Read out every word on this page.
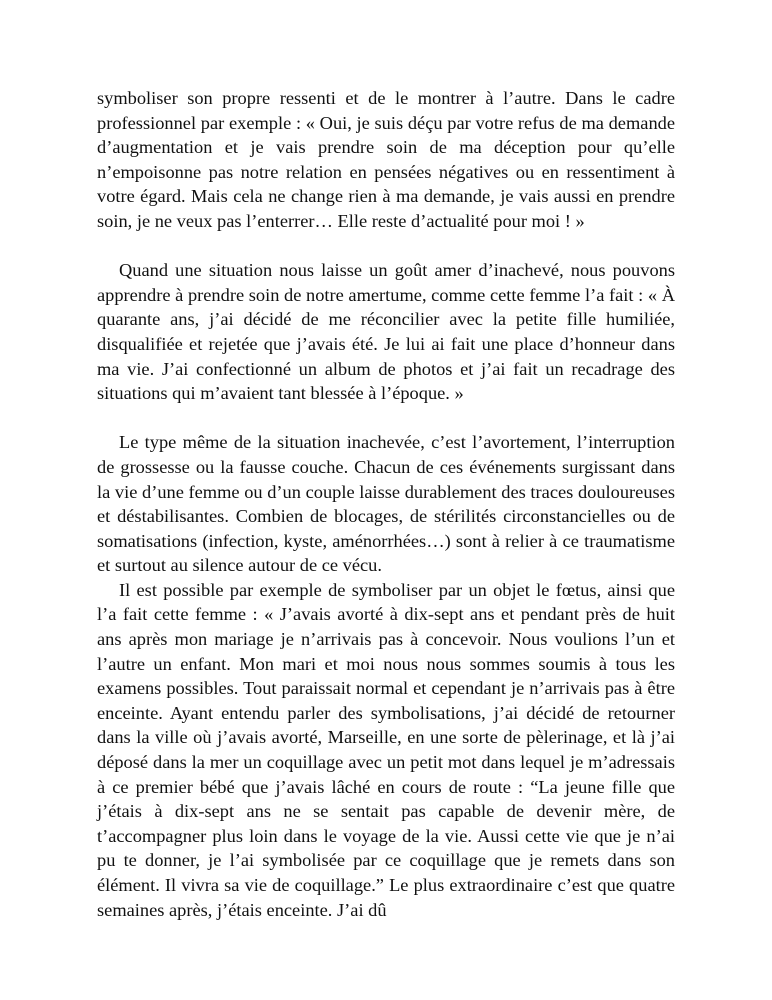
symboliser son propre ressenti et de le montrer à l’autre. Dans le cadre professionnel par exemple : « Oui, je suis déçu par votre refus de ma demande d’augmentation et je vais prendre soin de ma déception pour qu’elle n’empoisonne pas notre relation en pensées négatives ou en ressentiment à votre égard. Mais cela ne change rien à ma demande, je vais aussi en prendre soin, je ne veux pas l’enterrer… Elle reste d’actualité pour moi ! »

Quand une situation nous laisse un goût amer d’inachevé, nous pouvons apprendre à prendre soin de notre amertume, comme cette femme l’a fait : « À quarante ans, j’ai décidé de me réconcilier avec la petite fille humiliée, disqualifiée et rejetée que j’avais été. Je lui ai fait une place d’honneur dans ma vie. J’ai confectionné un album de photos et j’ai fait un recadrage des situations qui m’avaient tant blessée à l’époque. »

Le type même de la situation inachevée, c’est l’avortement, l’interruption de grossesse ou la fausse couche. Chacun de ces événements surgissant dans la vie d’une femme ou d’un couple laisse durablement des traces douloureuses et déstabilisantes. Combien de blocages, de stérilités circonstancielles ou de somatisations (infection, kyste, aménorrhées…) sont à relier à ce traumatisme et surtout au silence autour de ce vécu.

Il est possible par exemple de symboliser par un objet le fœtus, ainsi que l’a fait cette femme : « J’avais avorté à dix-sept ans et pendant près de huit ans après mon mariage je n’arrivais pas à concevoir. Nous voulions l’un et l’autre un enfant. Mon mari et moi nous nous sommes soumis à tous les examens possibles. Tout paraissait normal et cependant je n’arrivais pas à être enceinte. Ayant entendu parler des symbolisations, j’ai décidé de retourner dans la ville où j’avais avorté, Marseille, en une sorte de pèlerinage, et là j’ai déposé dans la mer un coquillage avec un petit mot dans lequel je m’adressais à ce premier bébé que j’avais lâché en cours de route : “La jeune fille que j’étais à dix-sept ans ne se sentait pas capable de devenir mère, de t’accompagner plus loin dans le voyage de la vie. Aussi cette vie que je n’ai pu te donner, je l’ai symbolisée par ce coquillage que je remets dans son élément. Il vivra sa vie de coquillage.” Le plus extraordinaire c’est que quatre semaines après, j’étais enceinte. J’ai dû
